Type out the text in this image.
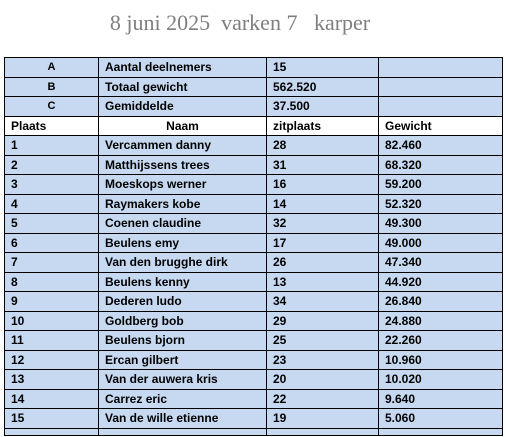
8 juni 2025  varken 7   karper
A	Aantal deelnemers	15	
B	Totaal gewicht	562.520	
C	Gemiddelde	37.500	
Plaats	Naam	zitplaats	Gewicht
1	Vercammen danny	28	82.460
2	Matthijssens trees	31	68.320
3	Moeskops werner	16	59.200
4	Raymakers kobe	14	52.320
5	Coenen claudine	32	49.300
6	Beulens emy	17	49.000
7	Van den brugghe dirk	26	47.340
8	Beulens kenny	13	44.920
9	Dederen ludo	34	26.840
10	Goldberg bob	29	24.880
11	Beulens bjorn	25	22.260
12	Ercan gilbert	23	10.960
13	Van der auwera kris	20	10.020
14	Carrez eric	22	9.640
15	Van de wille etienne	19	5.060
